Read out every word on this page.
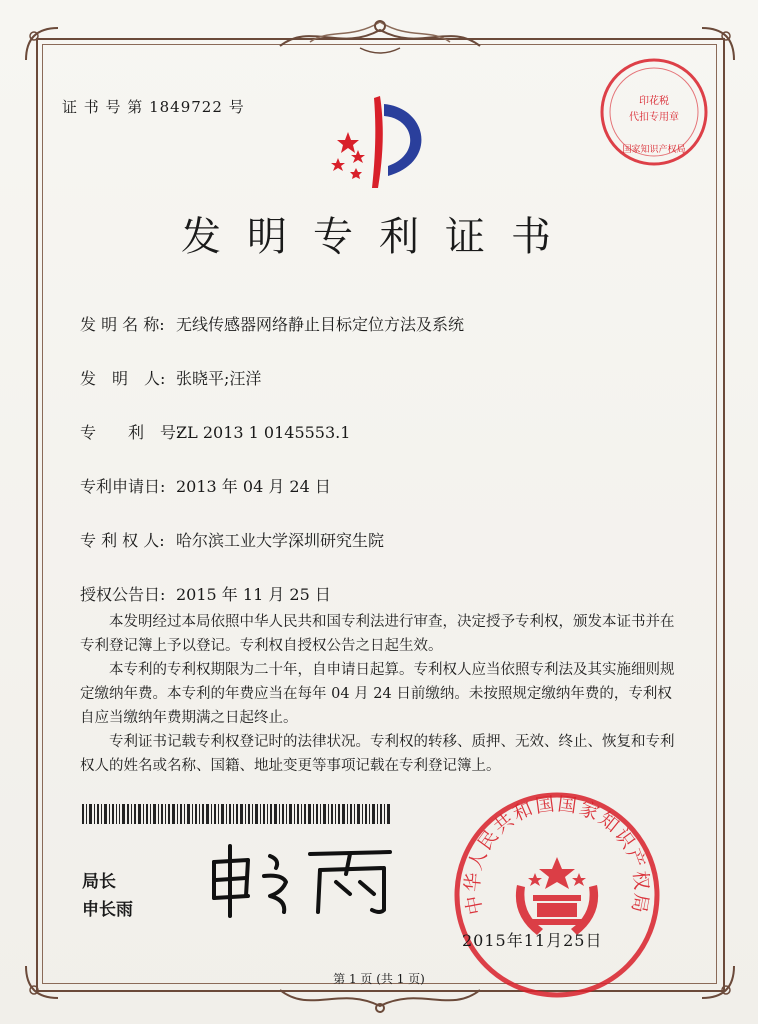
证 书 号 第 1849722 号	印花税
代扣专用章
国家知识产权局
发明专利证书
发 明 名 称: 无线传感器网络静止目标定位方法及系统
发　明　人: 张晓平;汪洋
专　　利　号:ZL 2013 1 0145553.1
专利申请日: 2013 年 04 月 24 日
专 利 权 人: 哈尔滨工业大学深圳研究生院
授权公告日: 2015 年 11 月 25 日

本发明经过本局依照中华人民共和国专利法进行审查，决定授予专利权，颁发本证书并在专利登记簿上予以登记。专利权自授权公告之日起生效。

本专利的专利权期限为二十年，自申请日起算。专利权人应当依照专利法及其实施细则规定缴纳年费。本专利的年费应当在每年 04 月 24 日前缴纳。未按照规定缴纳年费的，专利权自应当缴纳年费期满之日起终止。

专利证书记载专利权登记时的法律状况。专利权的转移、质押、无效、终止、恢复和专利权人的姓名或名称、国籍、地址变更等事项记载在专利登记簿上。

局长
申长雨	中华人民共和国国家知识产权局
2015年11月25日
第 1 页 (共 1 页)
